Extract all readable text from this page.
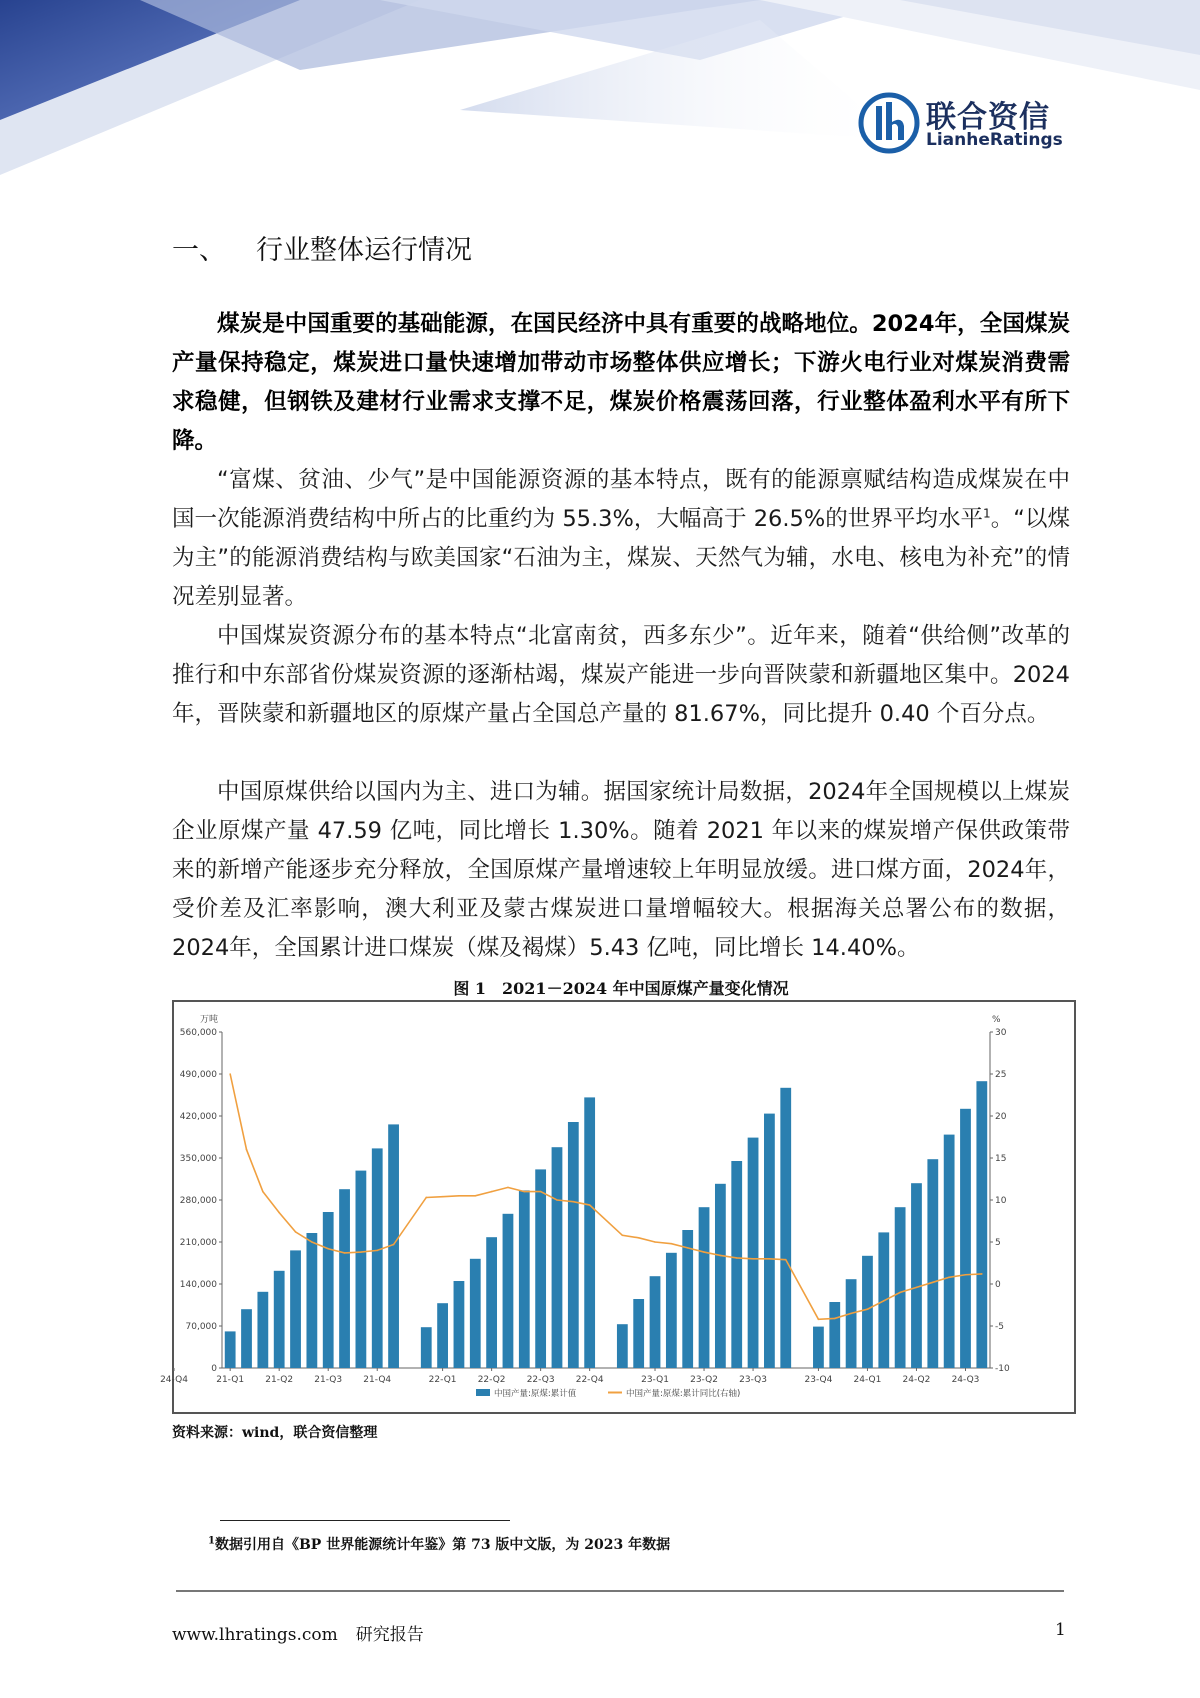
联合资信
LianheRatings
一、 行业整体运行情况

煤炭是中国重要的基础能源，在国民经济中具有重要的战略地位。2024年，全国煤炭产量保持稳定，煤炭进口量快速增加带动市场整体供应增长；下游火电行业对煤炭消费需求稳健，但钢铁及建材行业需求支撑不足，煤炭价格震荡回落，行业整体盈利水平有所下降。

“富煤、贫油、少气”是中国能源资源的基本特点，既有的能源禀赋结构造成煤炭在中国一次能源消费结构中所占的比重约为 55.3%，大幅高于 26.5%的世界平均水平$^1$。“以煤为主”的能源消费结构与欧美国家“石油为主，煤炭、天然气为辅，水电、核电为补充”的情况差别显著。

中国煤炭资源分布的基本特点“北富南贫，西多东少”。近年来，随着“供给侧”改革的推行和中东部省份煤炭资源的逐渐枯竭，煤炭产能进一步向晋陕蒙和新疆地区集中。2024年，晋陕蒙和新疆地区的原煤产量占全国总产量的 81.67%，同比提升 0.40 个百分点。

中国原煤供给以国内为主、进口为辅。据国家统计局数据，2024年全国规模以上煤炭企业原煤产量 47.59 亿吨，同比增长 1.30%。随着 2021 年以来的煤炭增产保供政策带来的新增产能逐步充分释放，全国原煤产量增速较上年明显放缓。进口煤方面，2024年，受价差及汇率影响，澳大利亚及蒙古煤炭进口量增幅较大。根据海关总署公布的数据，2024年，全国累计进口煤炭（煤及褐煤）5.43 亿吨，同比增长 14.40%。

图 1　2021－2024 年中国原煤产量变化情况
万吨	%
0
70,000
140,000
210,000
280,000
350,000
420,000
490,000
560,000
-10
-5
0
5
10
15
20
25
30
21-Q1 21-Q2 21-Q3 21-Q4	22-Q1 22-Q2 22-Q3 22-Q4	23-Q1 23-Q2 23-Q3	23-Q4 24-Q1 24-Q2 24-Q3
24-Q4
中国产量:原煤:累计值	中国产量:原煤:累计同比(右轴)
资料来源：wind，联合资信整理
$^1$数据引用自《BP 世界能源统计年鉴》第 73 版中文版，为 2023 年数据
www.lhratings.com 研究报告	1
